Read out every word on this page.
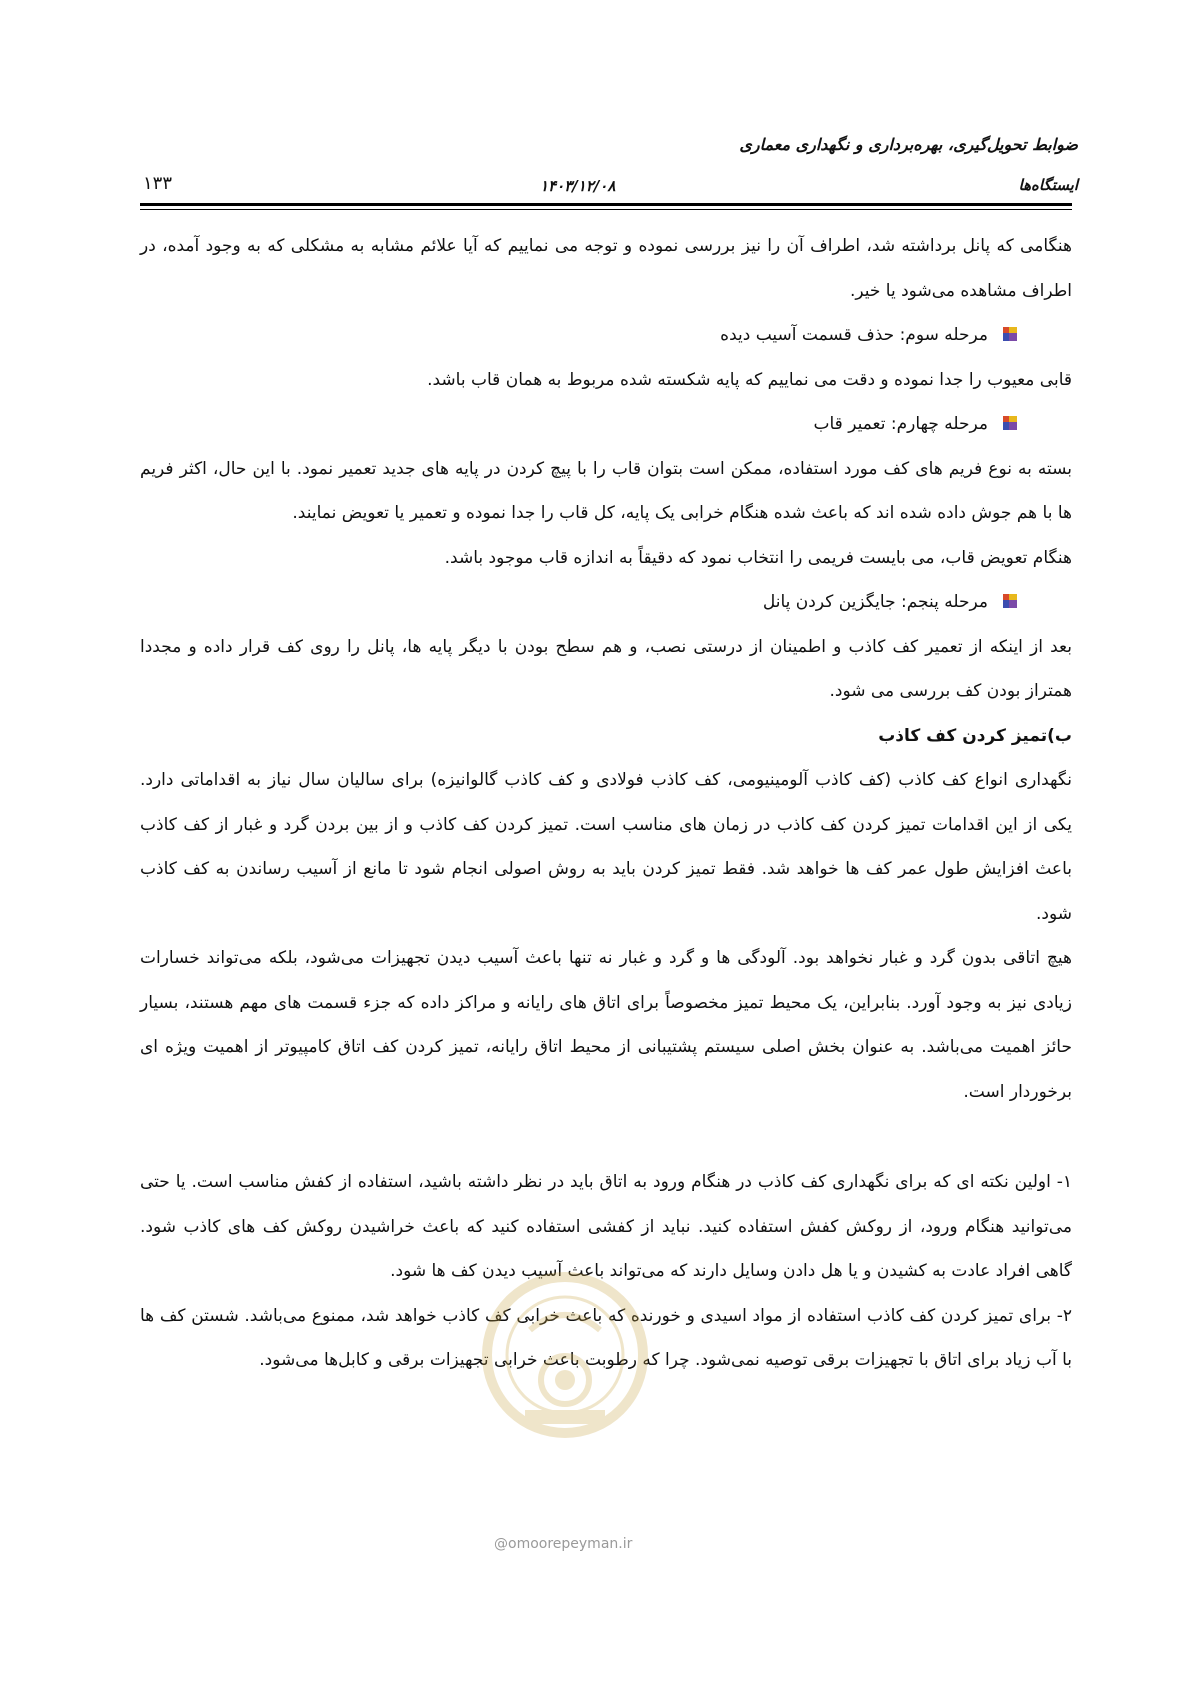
ضوابط تحویل‌گیری، بهره‌برداری و نگهداری معماری
ایستگاه‌ها
۱۴۰۳/۱۲/۰۸
۱۳۳

هنگامی که پانل برداشته شد، اطراف آن را نیز بررسی نموده و توجه می نماییم که آیا علائم مشابه به مشکلی که به وجود آمده، در اطراف مشاهده می‌شود یا خیر.

مرحله سوم: حذف قسمت آسیب دیده

قابی معیوب را جدا نموده و دقت می نماییم که پایه شکسته شده مربوط به همان قاب باشد.

مرحله چهارم: تعمیر قاب

بسته به نوع فریم های کف مورد استفاده، ممکن است بتوان قاب را با پیچ کردن در پایه های جدید تعمیر نمود. با این حال، اکثر فریم ها با هم جوش داده شده اند که باعث شده هنگام خرابی یک پایه، کل قاب را جدا نموده و تعمیر یا تعویض نمایند.

هنگام تعویض قاب، می بایست فریمی را انتخاب نمود که دقیقاً به اندازه قاب موجود باشد.

مرحله پنجم: جایگزین کردن پانل

بعد از اینکه از تعمیر کف کاذب و اطمینان از درستی نصب، و هم سطح بودن با دیگر پایه ها، پانل را روی کف قرار داده و مجددا همتراز بودن کف بررسی می شود.

ب)تمیز کردن کف کاذب

نگهداری انواع کف کاذب (کف کاذب آلومینیومی، کف کاذب فولادی و کف کاذب گالوانیزه) برای سالیان سال نیاز به اقداماتی دارد. یکی از این اقدامات تمیز کردن کف کاذب در زمان های مناسب است. تمیز کردن کف کاذب و از بین بردن گرد و غبار از کف کاذب باعث افزایش طول عمر کف ها خواهد شد. فقط تمیز کردن باید به روش اصولی انجام شود تا مانع از آسیب رساندن به کف کاذب شود.

هیچ اتاقی بدون گرد و غبار نخواهد بود. آلودگی ها و گرد و غبار نه تنها باعث آسیب دیدن تجهیزات می‌شود، بلکه می‌تواند خسارات زیادی نیز به وجود آورد. بنابراین، یک محیط تمیز مخصوصاً برای اتاق های رایانه و مراکز داده که جزء قسمت های مهم هستند، بسیار حائز اهمیت می‌باشد. به عنوان بخش اصلی سیستم پشتیبانی از محیط اتاق رایانه، تمیز کردن کف اتاق کامپیوتر از اهمیت ویژه ای برخوردار است.

۱- اولین نکته ای که برای نگهداری کف کاذب در هنگام ورود به اتاق باید در نظر داشته باشید، استفاده از کفش مناسب است. یا حتی می‌توانید هنگام ورود، از روکش کفش استفاده کنید. نباید از کفشی استفاده کنید که باعث خراشیدن روکش کف های کاذب شود. گاهی افراد عادت به کشیدن و یا هل دادن وسایل دارند که می‌تواند باعث آسیب دیدن کف ها شود.

۲- برای تمیز کردن کف کاذب استفاده از مواد اسیدی و خورنده که باعث خرابی کف کاذب خواهد شد، ممنوع می‌باشد. شستن کف ها با آب زیاد برای اتاق با تجهیزات برقی توصیه نمی‌شود. چرا که رطوبت باعث خرابی تجهیزات برقی و کابل‌ها می‌شود.

@omoorepeyman.ir
